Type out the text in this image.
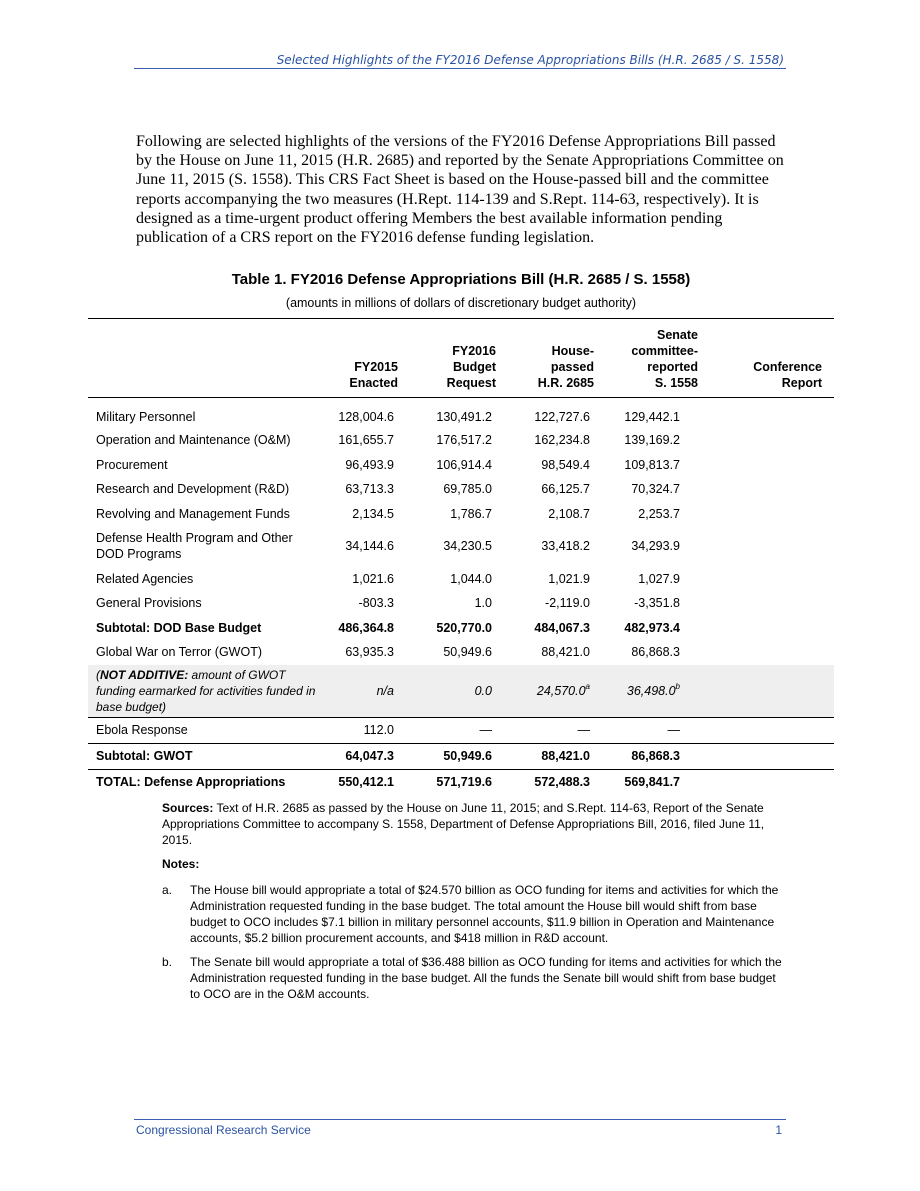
Selected Highlights of the FY2016 Defense Appropriations Bills (H.R. 2685 / S. 1558)

Following are selected highlights of the versions of the FY2016 Defense Appropriations Bill passed by the House on June 11, 2015 (H.R. 2685) and reported by the Senate Appropriations Committee on June 11, 2015 (S. 1558). This CRS Fact Sheet is based on the House-passed bill and the committee reports accompanying the two measures (H.Rept. 114-139 and S.Rept. 114-63, respectively). It is designed as a time-urgent product offering Members the best available information pending publication of a CRS report on the FY2016 defense funding legislation.

Table 1. FY2016 Defense Appropriations Bill (H.R. 2685 / S. 1558)
(amounts in millions of dollars of discretionary budget authority)
	FY2015
Enacted	FY2016
Budget
Request	House-
passed
H.R. 2685	Senate
committee-
reported
S. 1558	Conference
Report
Military Personnel	128,004.6	130,491.2	122,727.6	129,442.1	
Operation and Maintenance (O&M)	161,655.7	176,517.2	162,234.8	139,169.2	
Procurement	96,493.9	106,914.4	98,549.4	109,813.7	
Research and Development (R&D)	63,713.3	69,785.0	66,125.7	70,324.7	
Revolving and Management Funds	2,134.5	1,786.7	2,108.7	2,253.7	
Defense Health Program and Other DOD Programs	34,144.6	34,230.5	33,418.2	34,293.9	
Related Agencies	1,021.6	1,044.0	1,021.9	1,027.9	
General Provisions	-803.3	1.0	-2,119.0	-3,351.8	
Subtotal: DOD Base Budget	486,364.8	520,770.0	484,067.3	482,973.4	
Global War on Terror (GWOT)	63,935.3	50,949.6	88,421.0	86,868.3	
(NOT ADDITIVE: amount of GWOT funding earmarked for activities funded in base budget)	n/a	0.0	24,570.0$^a$	36,498.0$^b$	
Ebola Response	112.0	—	—	—	
Subtotal: GWOT	64,047.3	50,949.6	88,421.0	86,868.3	
TOTAL: Defense Appropriations	550,412.1	571,719.6	572,488.3	569,841.7	
Sources: Text of H.R. 2685 as passed by the House on June 11, 2015; and S.Rept. 114-63, Report of the Senate Appropriations Committee to accompany S. 1558, Department of Defense Appropriations Bill, 2016, filed June 11, 2015.
Notes:
a.	The House bill would appropriate a total of $24.570 billion as OCO funding for items and activities for which the Administration requested funding in the base budget. The total amount the House bill would shift from base budget to OCO includes $7.1 billion in military personnel accounts, $11.9 billion in Operation and Maintenance accounts, $5.2 billion procurement accounts, and $418 million in R&D account.
b.	The Senate bill would appropriate a total of $36.488 billion as OCO funding for items and activities for which the Administration requested funding in the base budget. All the funds the Senate bill would shift from base budget to OCO are in the O&M accounts.
Congressional Research Service	1
